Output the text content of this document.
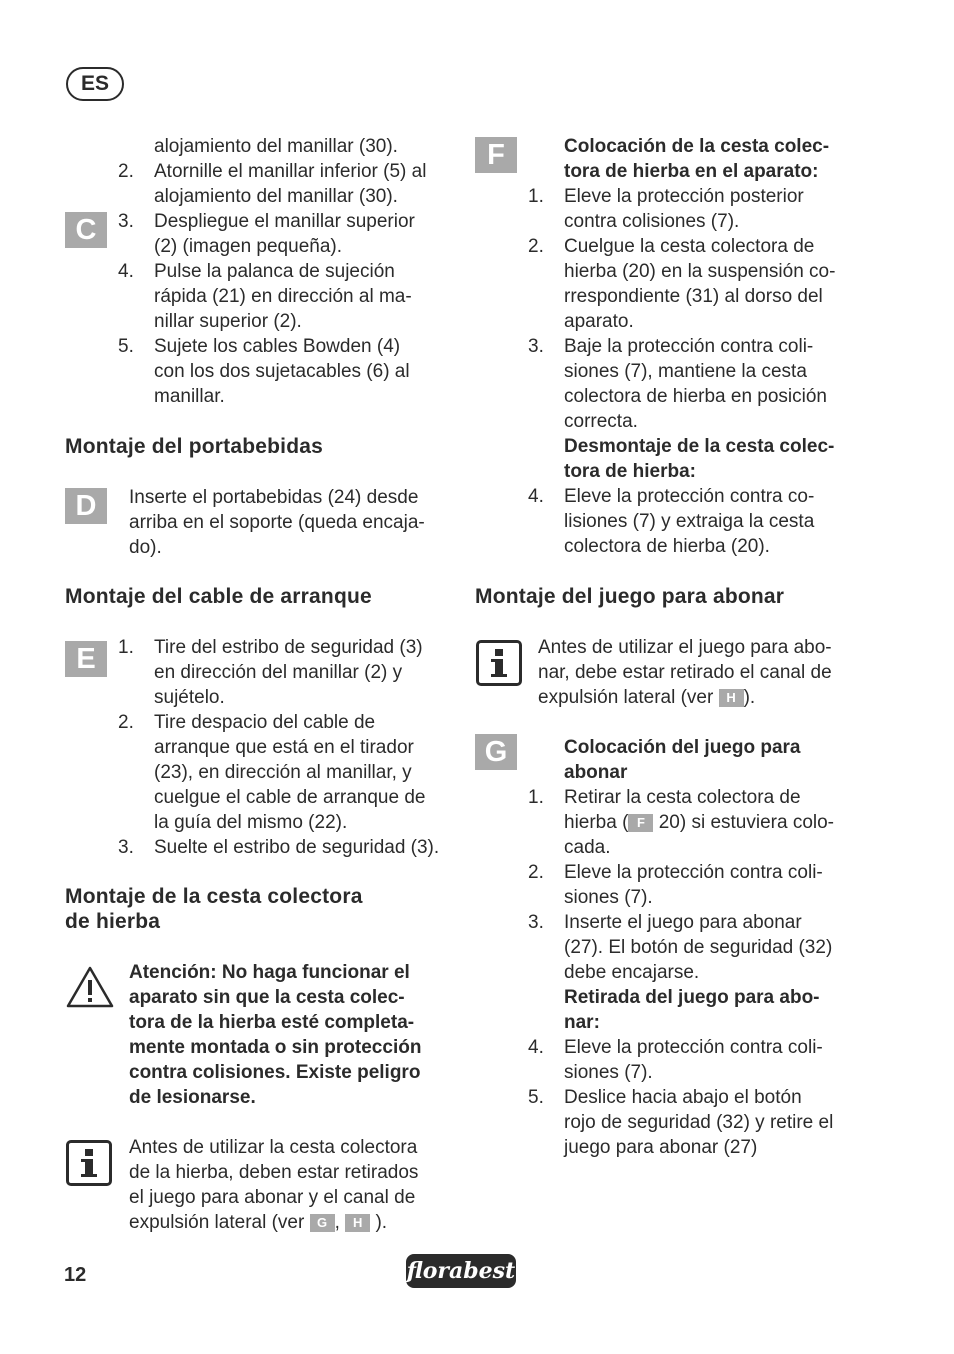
ES
alojamiento del manillar (30).
C
2. Atornille el manillar inferior (5) al
alojamiento del manillar (30).
3. Despliegue el manillar superior
(2) (imagen pequeña).
4. Pulse la palanca de sujeción
rápida (21) en dirección al ma-
nillar superior (2).
5. Sujete los cables Bowden (4)
con los dos sujetacables (6) al
manillar.
Montaje del portabebidas
D	Inserte el portabebidas (24) desde
arriba en el soporte (queda encaja-
do).
Montaje del cable de arranque
E	1. Tire del estribo de seguridad (3)
en dirección del manillar (2) y
sujételo.
2. Tire despacio del cable de
arranque que está en el tirador
(23), en dirección al manillar, y
cuelgue el cable de arranque de
la guía del mismo (22).
3. Suelte el estribo de seguridad (3).
Montaje de la cesta colectora
de hierba
Atención: No haga funcionar el
aparato sin que la cesta colec-
tora de la hierba esté completa-
mente montada o sin protección
contra colisiones. Existe peligro
de lesionarse.
Antes de utilizar la cesta colectora
de la hierba, deben estar retirados
el juego para abonar y el canal de
expulsión lateral (ver G , H ).
F	Colocación de la cesta colec-
tora de hierba en el aparato:
1. Eleve la protección posterior
contra colisiones (7).
2. Cuelgue la cesta colectora de
hierba (20) en la suspensión co-
rrespondiente (31) al dorso del
aparato.
3. Baje la protección contra coli-
siones (7), mantiene la cesta
colectora de hierba en posición
correcta.
Desmontaje de la cesta colec-
tora de hierba:
4. Eleve la protección contra co-
lisiones (7) y extraiga la cesta
colectora de hierba (20).
Montaje del juego para abonar
Antes de utilizar el juego para abo-
nar, debe estar retirado el canal de
expulsión lateral (ver H ).
G	Colocación del juego para
abonar
1. Retirar la cesta colectora de
hierba ( F 20) si estuviera colo-
cada.
2. Eleve la protección contra coli-
siones (7).
3. Inserte el juego para abonar
(27). El botón de seguridad (32)
debe encajarse.
Retirada del juego para abo-
nar:
4. Eleve la protección contra coli-
siones (7).
5. Deslice hacia abajo el botón
rojo de seguridad (32) y retire el
juego para abonar (27)
12	florabest
